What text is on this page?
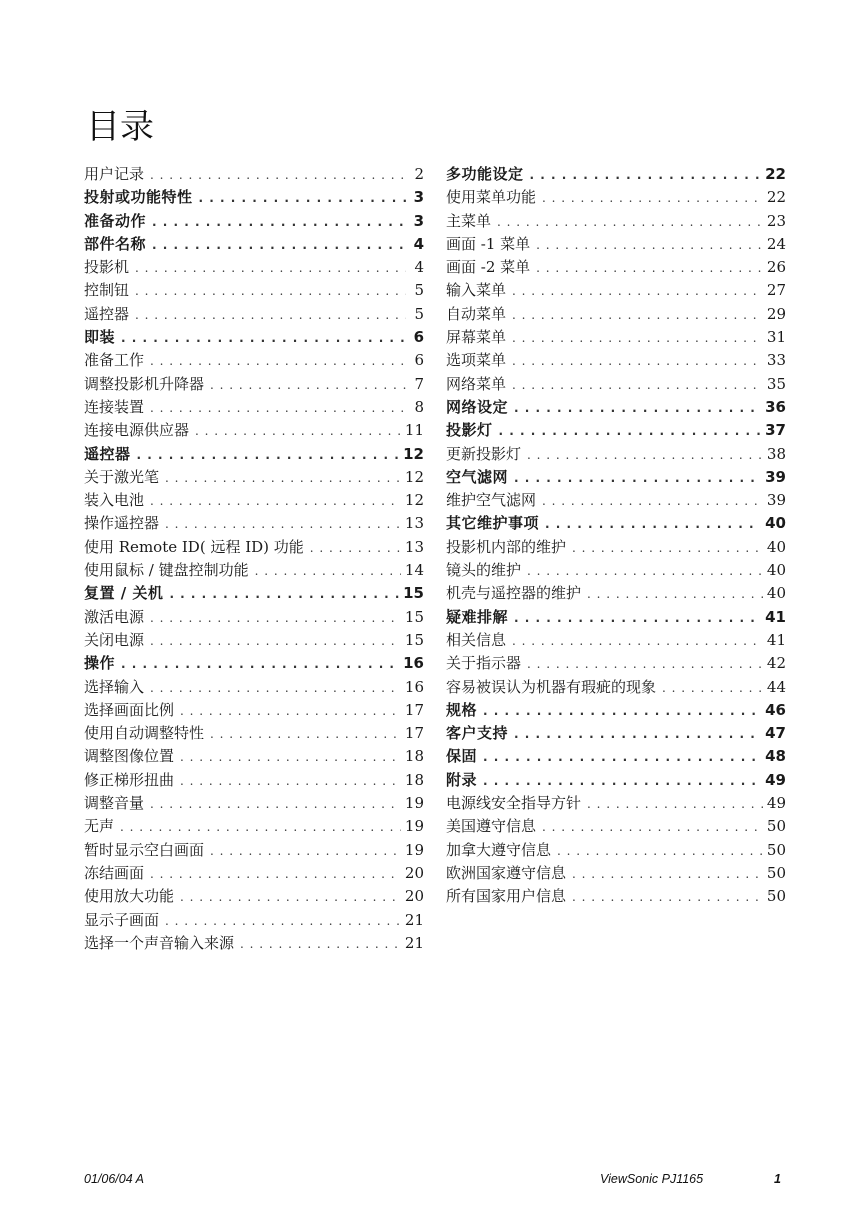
目录
用户记录 . . .	2
投射或功能特性 . . .	3
准备动作 . . .	3
部件名称 . . .	4
投影机 . . .	4
控制钮 . . .	5
遥控器 . . .	5
即装 . . .	6
准备工作 . . .	6
调整投影机升降器 . . .	7
连接装置 . . .	8
连接电源供应器 . . .	11
遥控器 . . .	12
关于激光笔 . . .	12
装入电池 . . .	12
操作遥控器 . . .	13
使用 Remote ID( 远程 ID) 功能 . . .	13
使用鼠标 / 键盘控制功能 . . .	14
复置 / 关机 . . .	15
激活电源 . . .	15
关闭电源 . . .	15
操作 . . .	16
选择输入 . . .	16
选择画面比例 . . .	17
使用自动调整特性 . . .	17
调整图像位置 . . .	18
修正梯形扭曲 . . .	18
调整音量 . . .	19
无声 . . .	19
暂时显示空白画面 . . .	19
冻结画面 . . .	20
使用放大功能 . . .	20
显示子画面 . . .	21
选择一个声音输入来源 . . .	21
多功能设定 . . .	22
使用菜单功能 . . .	22
主菜单 . . .	23
画面 -1 菜单 . . .	24
画面 -2 菜单 . . .	26
输入菜单 . . .	27
自动菜单 . . .	29
屏幕菜单 . . .	31
选项菜单 . . .	33
网络菜单 . . .	35
网络设定 . . .	36
投影灯 . . .	37
更新投影灯 . . .	38
空气滤网 . . .	39
维护空气滤网 . . .	39
其它维护事项 . . .	40
投影机内部的维护 . . .	40
镜头的维护 . . .	40
机壳与遥控器的维护 . . .	40
疑难排解 . . .	41
相关信息 . . .	41
关于指示器 . . .	42
容易被误认为机器有瑕疵的现象 . . .	44
规格 . . .	46
客户支持 . . .	47
保固 . . .	48
附录 . . .	49
电源线安全指导方针 . . .	49
美国遵守信息 . . .	50
加拿大遵守信息 . . .	50
欧洲国家遵守信息 . . .	50
所有国家用户信息 . . .	50
01/06/04 A	ViewSonic PJ1165	1
